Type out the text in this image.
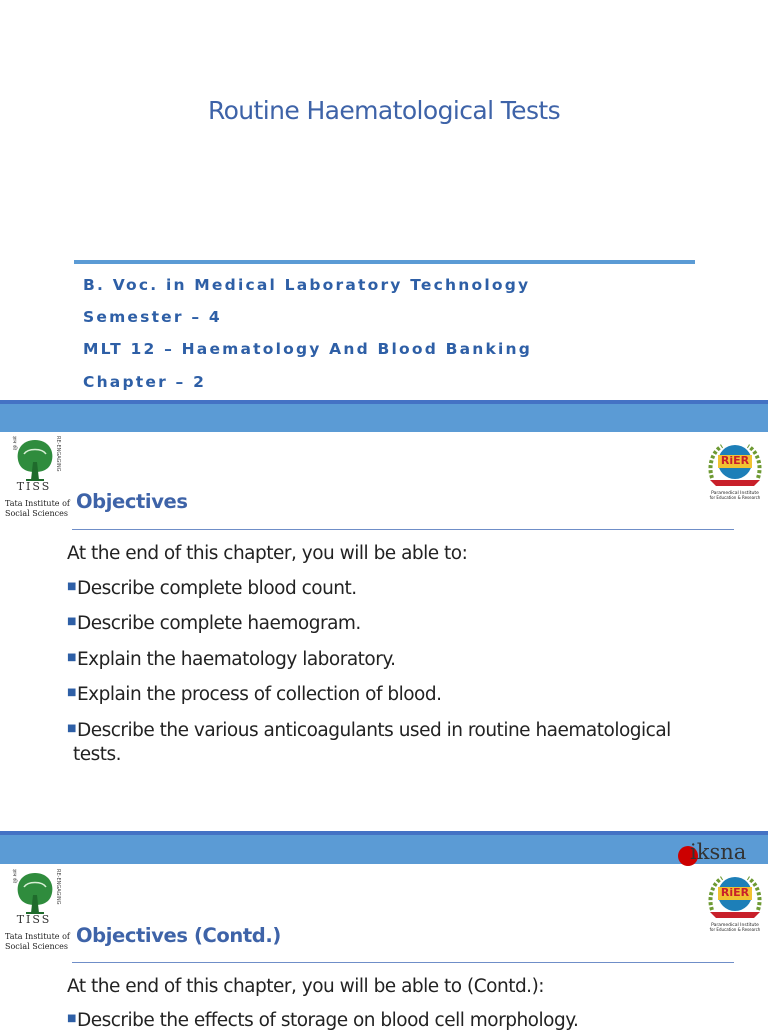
Routine Haematological Tests
B. Voc. in Medical Laboratory Technology
Semester – 4
MLT 12 – Haematology And Blood Banking
Chapter – 2
ज्ञान की	RE-ENGAGING
TISS
Tata Institute of
Social Sciences
Paramedical Institute
for Education & Research
RiER
Objectives
At the end of this chapter, you will be able to:
■Describe complete blood count.
■Describe complete haemogram.
■Explain the haematology laboratory.
■Explain the process of collection of blood.
■Describe the various anticoagulants used in routine haematological
tests.
iksna
ज्ञान की	RE-ENGAGING
TISS
Tata Institute of
Social Sciences
Paramedical Institute
for Education & Research
RiER
Objectives (Contd.)
At the end of this chapter, you will be able to (Contd.):
■Describe the effects of storage on blood cell morphology.
